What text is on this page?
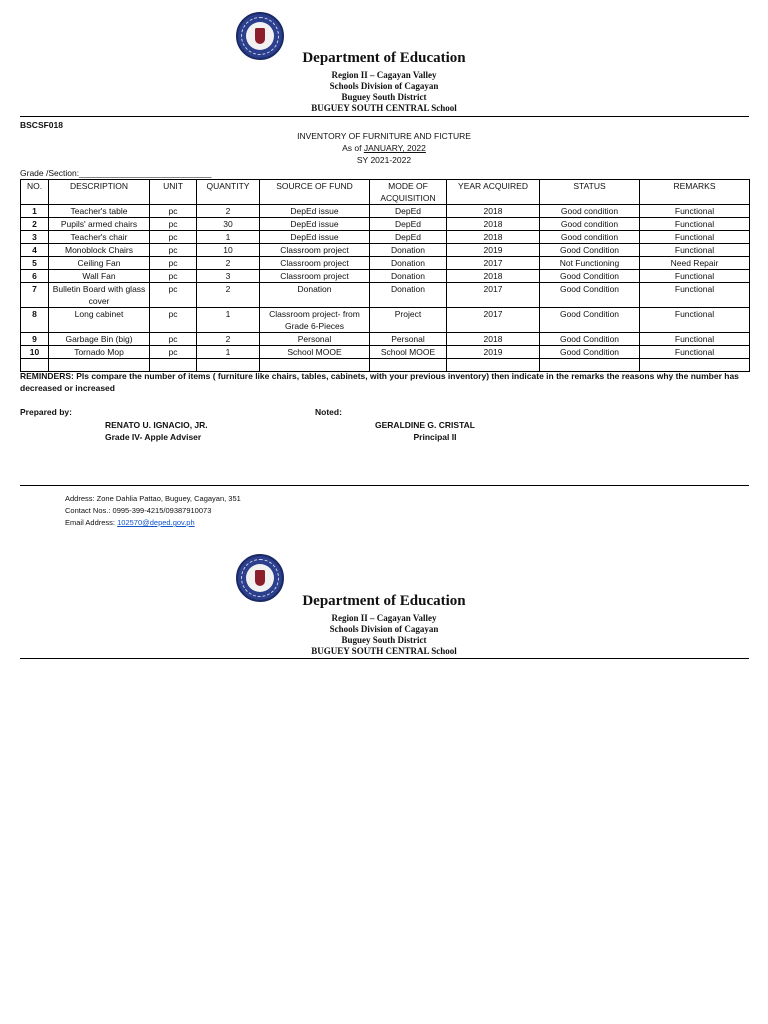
Department of Education
Region II – Cagayan Valley
Schools Division of Cagayan
Buguey South District
BUGUEY SOUTH CENTRAL School
BSCSF018
INVENTORY OF FURNITURE AND FICTURE
As of JANUARY, 2022
SY 2021-2022
Grade /Section:____________________________
NO.	DESCRIPTION	UNIT	QUANTITY	SOURCE OF FUND	MODE OF ACQUISITION	YEAR ACQUIRED	STATUS	REMARKS
1	Teacher's table	pc	2	DepEd issue	DepEd	2018	Good condition	Functional
2	Pupils' armed chairs	pc	30	DepEd issue	DepEd	2018	Good condition	Functional
3	Teacher's chair	pc	1	DepEd issue	DepEd	2018	Good condition	Functional
4	Monoblock Chairs	pc	10	Classroom project	Donation	2019	Good Condition	Functional
5	Ceiling Fan	pc	2	Classroom project	Donation	2017	Not Functioning	Need Repair
6	Wall Fan	pc	3	Classroom project	Donation	2018	Good Condition	Functional
7	Bulletin Board with glass cover	pc	2	Donation	Donation	2017	Good Condition	Functional
8	Long cabinet	pc	1	Classroom project- from Grade 6-Pieces	Project	2017	Good Condition	Functional
9	Garbage Bin (big)	pc	2	Personal	Personal	2018	Good Condition	Functional
10	Tornado Mop	pc	1	School MOOE	School MOOE	2019	Good Condition	Functional

REMINDERS: Pls compare the number of items ( furniture like chairs, tables, cabinets, with your previous inventory) then indicate in the remarks the reasons why the number has decreased or increased
Prepared by:	Noted:
RENATO U. IGNACIO, JR.
Grade IV- Apple Adviser
GERALDINE G. CRISTAL
Principal II
Address: Zone Dahlia Pattao, Buguey, Cagayan, 351
Contact Nos.: 0995-399-4215/09387910073
Email Address: 102570@deped.gov.ph
Department of Education
Region II – Cagayan Valley
Schools Division of Cagayan
Buguey South District
BUGUEY SOUTH CENTRAL School
